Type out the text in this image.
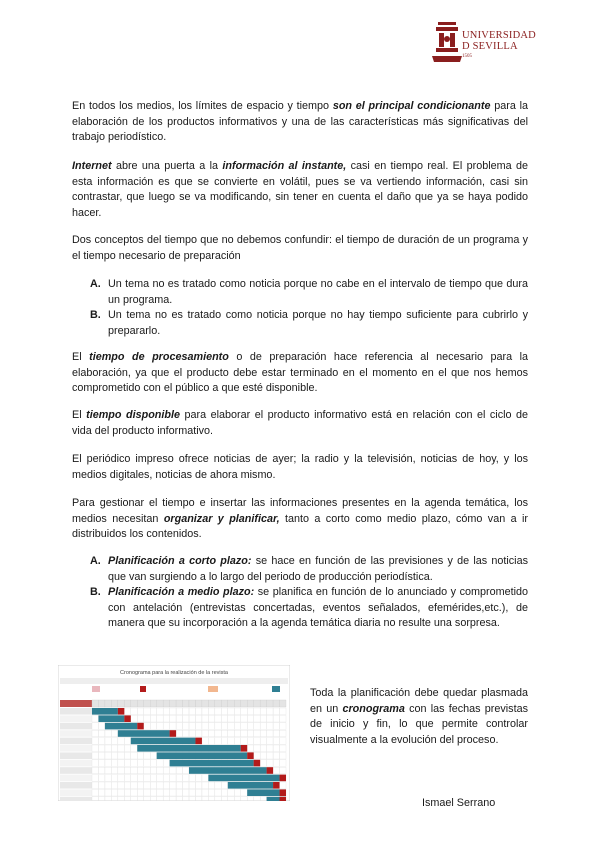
UNIVERSIDAD
D SEVILLA
1505
En todos los medios, los límites de espacio y tiempo son el principal condicionante para la elaboración de los productos informativos y una de las características más significativas del trabajo periodístico.
Internet abre una puerta a la información al instante, casi en tiempo real. El problema de esta información es que se convierte en volátil, pues se va vertiendo información, casi sin contrastar, que luego se va modificando, sin tener en cuenta el daño que ya se haya podido hacer.
Dos conceptos del tiempo que no debemos confundir: el tiempo de duración de un programa y el tiempo necesario de preparación
A. Un tema no es tratado como noticia porque no cabe en el intervalo de tiempo que dura un programa.
B. Un tema no es tratado como noticia porque no hay tiempo suficiente para cubrirlo y prepararlo.
El tiempo de procesamiento o de preparación hace referencia al necesario para la elaboración, ya que el producto debe estar terminado en el momento en el que nos hemos comprometido con el público a que esté disponible.
El tiempo disponible para elaborar el producto informativo está en relación con el ciclo de vida del producto informativo.
El periódico impreso ofrece noticias de ayer; la radio y la televisión, noticias de hoy, y los medios digitales, noticias de ahora mismo.
Para gestionar el tiempo e insertar las informaciones presentes en la agenda temática, los medios necesitan organizar y planificar, tanto a corto como medio plazo, cómo van a ir distribuidos los contenidos.
A. Planificación a corto plazo: se hace en función de las previsiones y de las noticias que van surgiendo a lo largo del periodo de producción periodística.
B. Planificación a medio plazo: se planifica en función de lo anunciado y comprometido con antelación (entrevistas concertadas, eventos señalados, efemérides,etc.), de manera que su incorporación a la agenda temática diaria no resulte una sorpresa.
Cronograma para la realización de la revista
Toda la planificación debe quedar plasmada en un cronograma con las fechas previstas de inicio y fin, lo que permite controlar visualmente a la evolución del proceso.
Ismael Serrano
